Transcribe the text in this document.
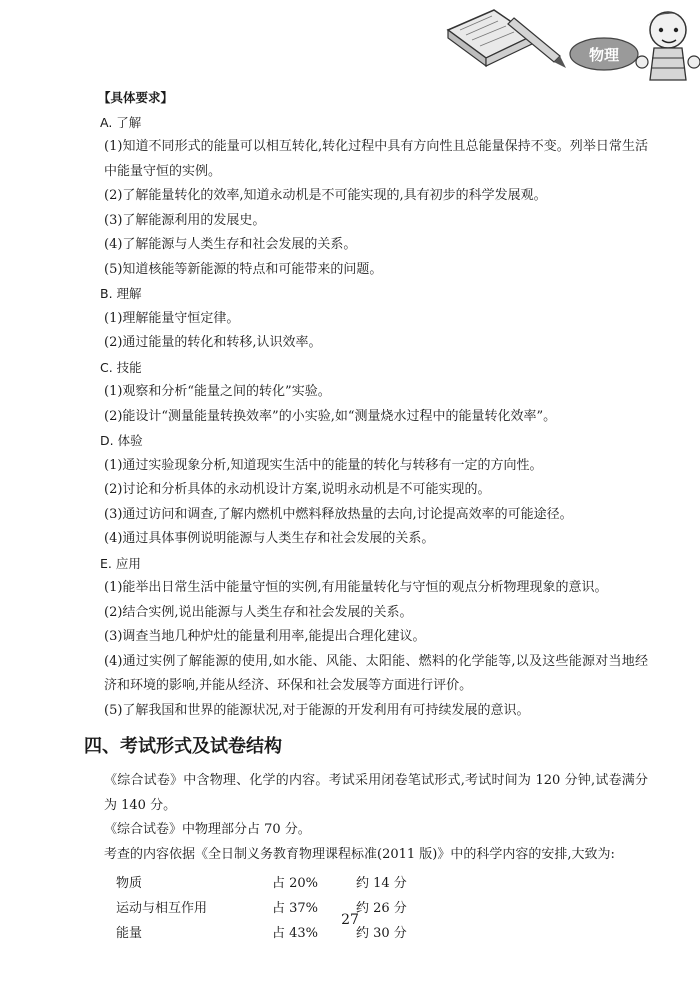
物理
【具体要求】
A. 了解
(1)知道不同形式的能量可以相互转化,转化过程中具有方向性且总能量保持不变。列举日常生活中能量守恒的实例。
(2)了解能量转化的效率,知道永动机是不可能实现的,具有初步的科学发展观。
(3)了解能源利用的发展史。
(4)了解能源与人类生存和社会发展的关系。
(5)知道核能等新能源的特点和可能带来的问题。
B. 理解
(1)理解能量守恒定律。
(2)通过能量的转化和转移,认识效率。
C. 技能
(1)观察和分析“能量之间的转化”实验。
(2)能设计“测量能量转换效率”的小实验,如“测量烧水过程中的能量转化效率”。
D. 体验
(1)通过实验现象分析,知道现实生活中的能量的转化与转移有一定的方向性。
(2)讨论和分析具体的永动机设计方案,说明永动机是不可能实现的。
(3)通过访问和调查,了解内燃机中燃料释放热量的去向,讨论提高效率的可能途径。
(4)通过具体事例说明能源与人类生存和社会发展的关系。
E. 应用
(1)能举出日常生活中能量守恒的实例,有用能量转化与守恒的观点分析物理现象的意识。
(2)结合实例,说出能源与人类生存和社会发展的关系。
(3)调查当地几种炉灶的能量利用率,能提出合理化建议。
(4)通过实例了解能源的使用,如水能、风能、太阳能、燃料的化学能等,以及这些能源对当地经济和环境的影响,并能从经济、环保和社会发展等方面进行评价。
(5)了解我国和世界的能源状况,对于能源的开发利用有可持续发展的意识。
四、考试形式及试卷结构
《综合试卷》中含物理、化学的内容。考试采用闭卷笔试形式,考试时间为 120 分钟,试卷满分为 140 分。
《综合试卷》中物理部分占 70 分。
考查的内容依据《全日制义务教育物理课程标准(2011 版)》中的科学内容的安排,大致为:
物质	占 20%	约 14 分
运动与相互作用	占 37%	约 26 分
能量	占 43%	约 30 分
27
